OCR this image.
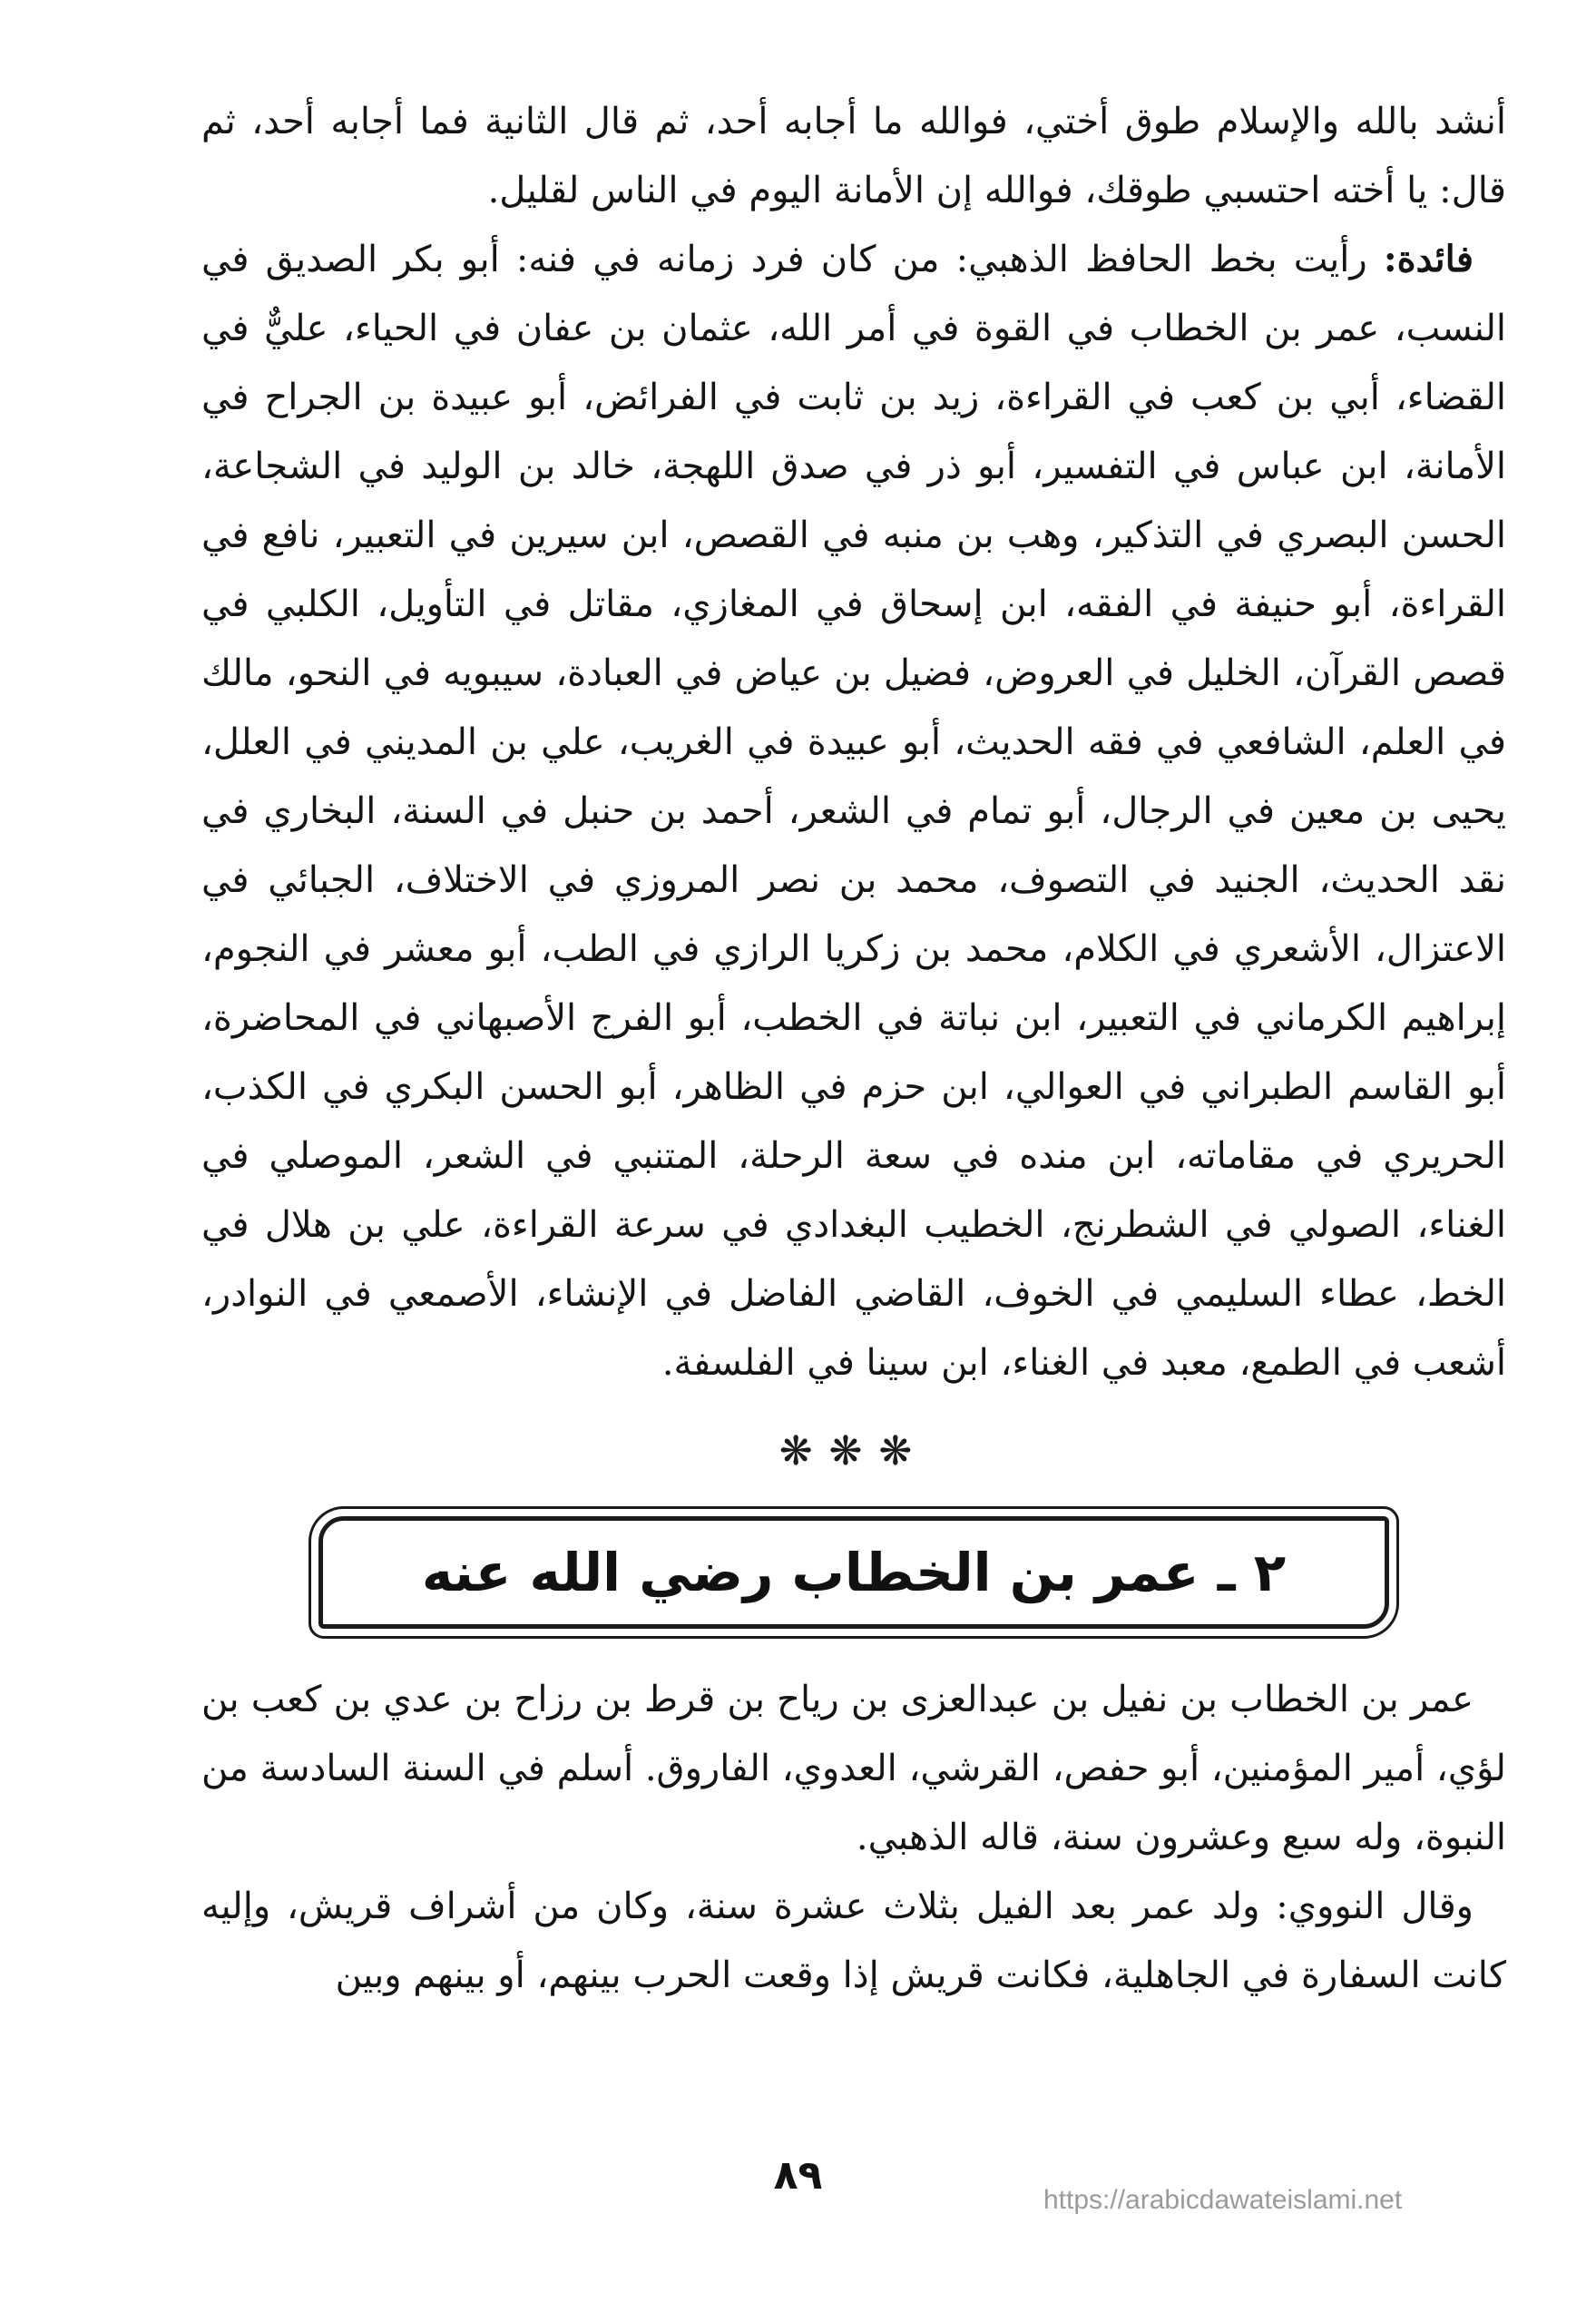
أنشد بالله والإسلام طوق أختي، فوالله ما أجابه أحد، ثم قال الثانية فما أجابه أحد، ثم قال: يا أخته احتسبي طوقك، فوالله إن الأمانة اليوم في الناس لقليل.

فائدة: رأيت بخط الحافظ الذهبي: من كان فرد زمانه في فنه: أبو بكر الصديق في النسب، عمر بن الخطاب في القوة في أمر الله، عثمان بن عفان في الحياء، عليٌّ في القضاء، أبي بن كعب في القراءة، زيد بن ثابت في الفرائض، أبو عبيدة بن الجراح في الأمانة، ابن عباس في التفسير، أبو ذر في صدق اللهجة، خالد بن الوليد في الشجاعة، الحسن البصري في التذكير، وهب بن منبه في القصص، ابن سيرين في التعبير، نافع في القراءة، أبو حنيفة في الفقه، ابن إسحاق في المغازي، مقاتل في التأويل، الكلبي في قصص القرآن، الخليل في العروض، فضيل بن عياض في العبادة، سيبويه في النحو، مالك في العلم، الشافعي في فقه الحديث، أبو عبيدة في الغريب، علي بن المديني في العلل، يحيى بن معين في الرجال، أبو تمام في الشعر، أحمد بن حنبل في السنة، البخاري في نقد الحديث، الجنيد في التصوف، محمد بن نصر المروزي في الاختلاف، الجبائي في الاعتزال، الأشعري في الكلام، محمد بن زكريا الرازي في الطب، أبو معشر في النجوم، إبراهيم الكرماني في التعبير، ابن نباتة في الخطب، أبو الفرج الأصبهاني في المحاضرة، أبو القاسم الطبراني في العوالي، ابن حزم في الظاهر، أبو الحسن البكري في الكذب، الحريري في مقاماته، ابن منده في سعة الرحلة، المتنبي في الشعر، الموصلي في الغناء، الصولي في الشطرنج، الخطيب البغدادي في سرعة القراءة، علي بن هلال في الخط، عطاء السليمي في الخوف، القاضي الفاضل في الإنشاء، الأصمعي في النوادر، أشعب في الطمع، معبد في الغناء، ابن سينا في الفلسفة.

❋❋❋
٢ ـ عمر بن الخطاب رضي الله عنه

عمر بن الخطاب بن نفيل بن عبدالعزى بن رياح بن قرط بن رزاح بن عدي بن كعب بن لؤي، أمير المؤمنين، أبو حفص، القرشي، العدوي، الفاروق. أسلم في السنة السادسة من النبوة، وله سبع وعشرون سنة، قاله الذهبي.

وقال النووي: ولد عمر بعد الفيل بثلاث عشرة سنة، وكان من أشراف قريش، وإليه كانت السفارة في الجاهلية، فكانت قريش إذا وقعت الحرب بينهم، أو بينهم وبين

٨٩
https://arabicdawateislami.net
